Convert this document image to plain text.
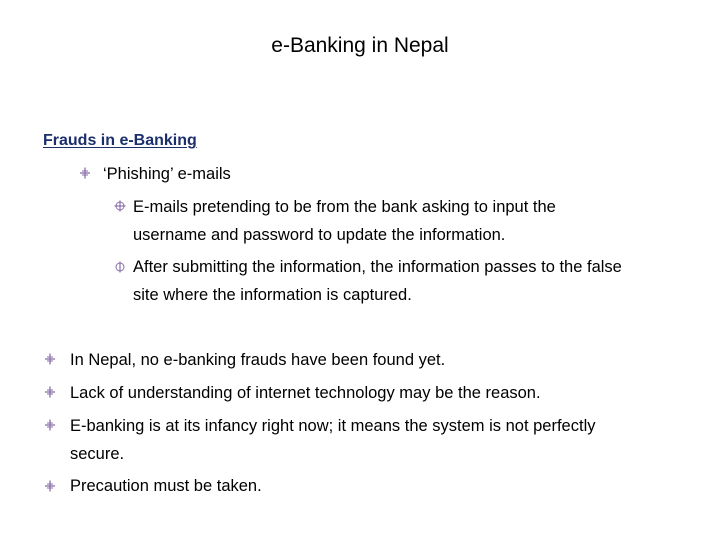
e-Banking in Nepal
Frauds in e-Banking
‘Phishing’ e-mails
E-mails pretending to be from the bank asking to input the
username and password to update the information.
After submitting the information, the information passes to the false
site where the information is captured.
In Nepal, no e-banking frauds have been found yet.
Lack of understanding of internet technology may be the reason.
E-banking is at its infancy right now; it means the system is not perfectly
secure.
Precaution must be taken.
